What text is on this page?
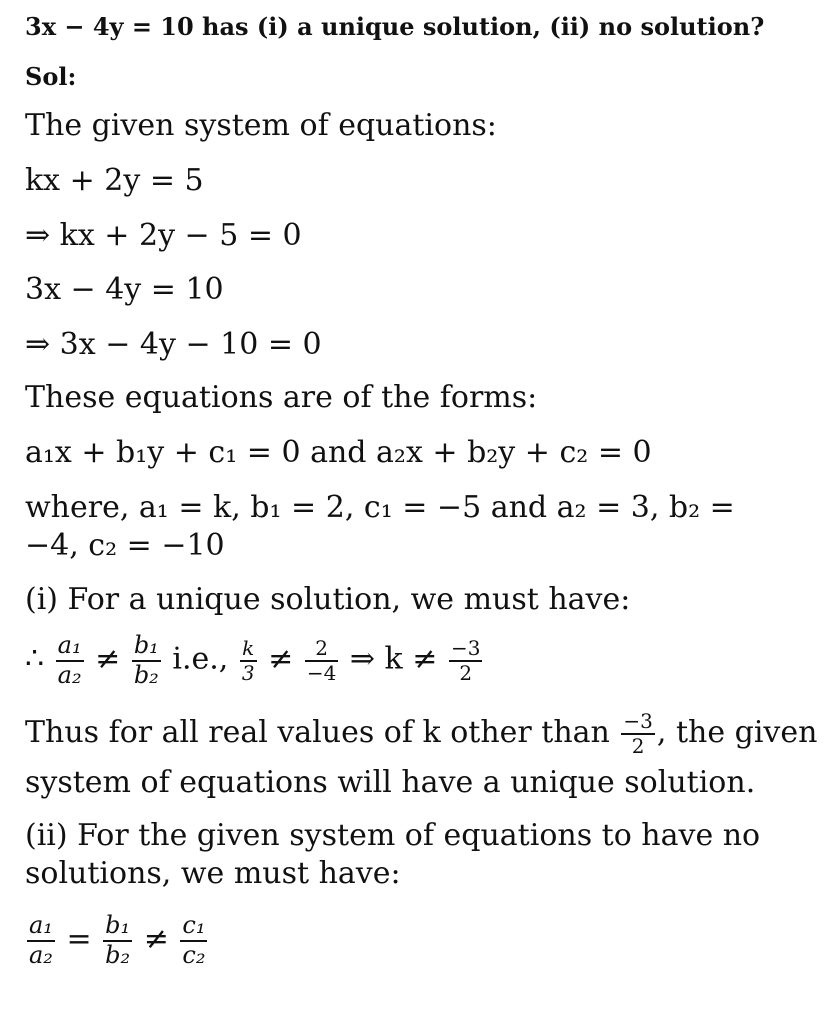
3x − 4y = 10 has (i) a unique solution, (ii) no solution?
Sol:
The given system of equations:
kx + 2y = 5
⇒ kx + 2y − 5 = 0
3x − 4y = 10
⇒ 3x − 4y − 10 = 0
These equations are of the forms:
a₁x + b₁y + c₁ = 0 and a₂x + b₂y + c₂ = 0
where, a₁ = k, b₁ = 2, c₁ = −5 and a₂ = 3, b₂ =
−4, c₂ = −10
(i) For a unique solution, we must have:
∴ $\frac{\text{a₁}}{\text{a₂}} \ne \frac{\text{b₁}}{\text{b₂}} i.e$., $\frac{k}{3} \ne \frac{2}{-4}$ ⇒ $k \ne \frac{-3}{2}$
Thus for all real values of k other than $\frac{-3}{2}$ , the given
system of equations will have a unique solution.
(ii) For the given system of equations to have no
solutions, we must have:
$\frac{\text{a₁}}{\text{a₂}} = \frac{\text{b₁}}{\text{b₂}} \ne \frac{\text{c₁}}{\text{c₂}}$
